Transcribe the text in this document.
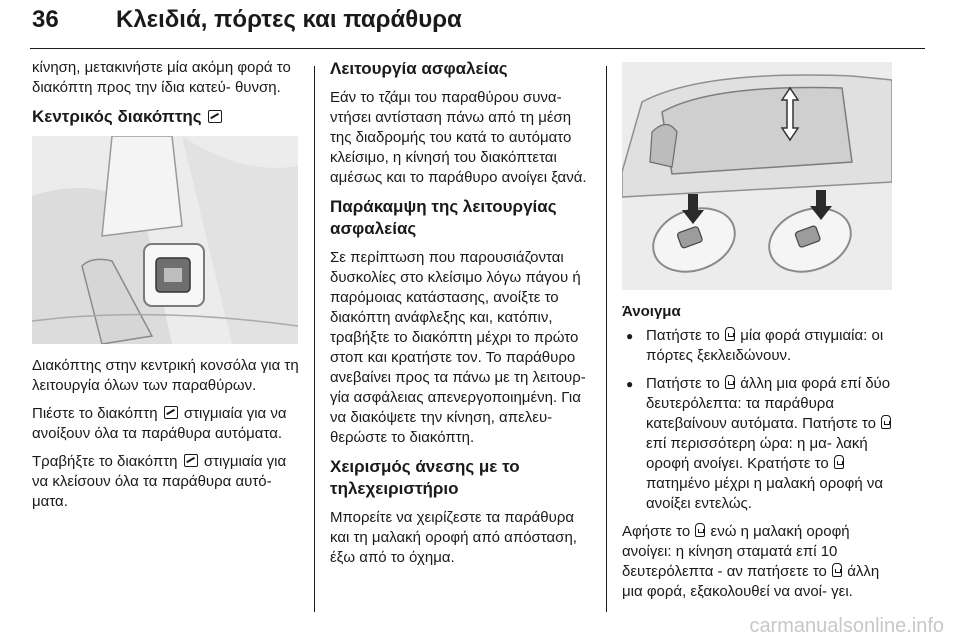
36 Κλειδιά, πόρτες και παράθυρα

κίνηση, μετακινήστε μία ακόμη φορά το διακόπτη προς την ίδια κατεύ- θυνση.

Κεντρικός διακόπτης

Διακόπτης στην κεντρική κονσόλα για τη λειτουργία όλων των παραθύρων.

Πιέστε το διακόπτη στιγμιαία για να ανοίξουν όλα τα παράθυρα αυτόματα.

Τραβήξτε το διακόπτη στιγμιαία για να κλείσουν όλα τα παράθυρα αυτό- ματα.

Λειτουργία ασφαλείας

Εάν το τζάμι του παραθύρου συνα- ντήσει αντίσταση πάνω από τη μέση της διαδρομής του κατά το αυτόματο κλείσιμο, η κίνησή του διακόπτεται αμέσως και το παράθυρο ανοίγει ξανά.

Παράκαμψη της λειτουργίας ασφαλείας

Σε περίπτωση που παρουσιάζονται δυσκολίες στο κλείσιμο λόγω πάγου ή παρόμοιας κατάστασης, ανοίξτε το διακόπτη ανάφλεξης και, κατόπιν, τραβήξτε το διακόπτη μέχρι το πρώτο στοπ και κρατήστε τον. Το παράθυρο ανεβαίνει προς τα πάνω με τη λειτουρ- γία ασφάλειας απενεργοποιημένη. Για να διακόψετε την κίνηση, απελευ- θερώστε το διακόπτη.

Χειρισμός άνεσης με το τηλεχειριστήριο

Μπορείτε να χειρίζεστε τα παράθυρα και τη μαλακή οροφή από απόσταση, έξω από το όχημα.

Άνοιγμα
● Πατήστε το μία φορά στιγμιαία: οι πόρτες ξεκλειδώνουν.
● Πατήστε το άλλη μια φορά επί δύο δευτερόλεπτα: τα παράθυρα κατεβαίνουν αυτόματα. Πατήστε το  επί περισσότερη ώρα: η μα- λακή οροφή ανοίγει. Κρατήστε το  πατημένο μέχρι η μαλακή οροφή να ανοίξει εντελώς.

Αφήστε το ενώ η μαλακή οροφή ανοίγει: η κίνηση σταματά επί 10 δευτερόλεπτα - αν πατήσετε το άλλη μια φορά, εξακολουθεί να ανοί- γει.

carmanualsonline.info
